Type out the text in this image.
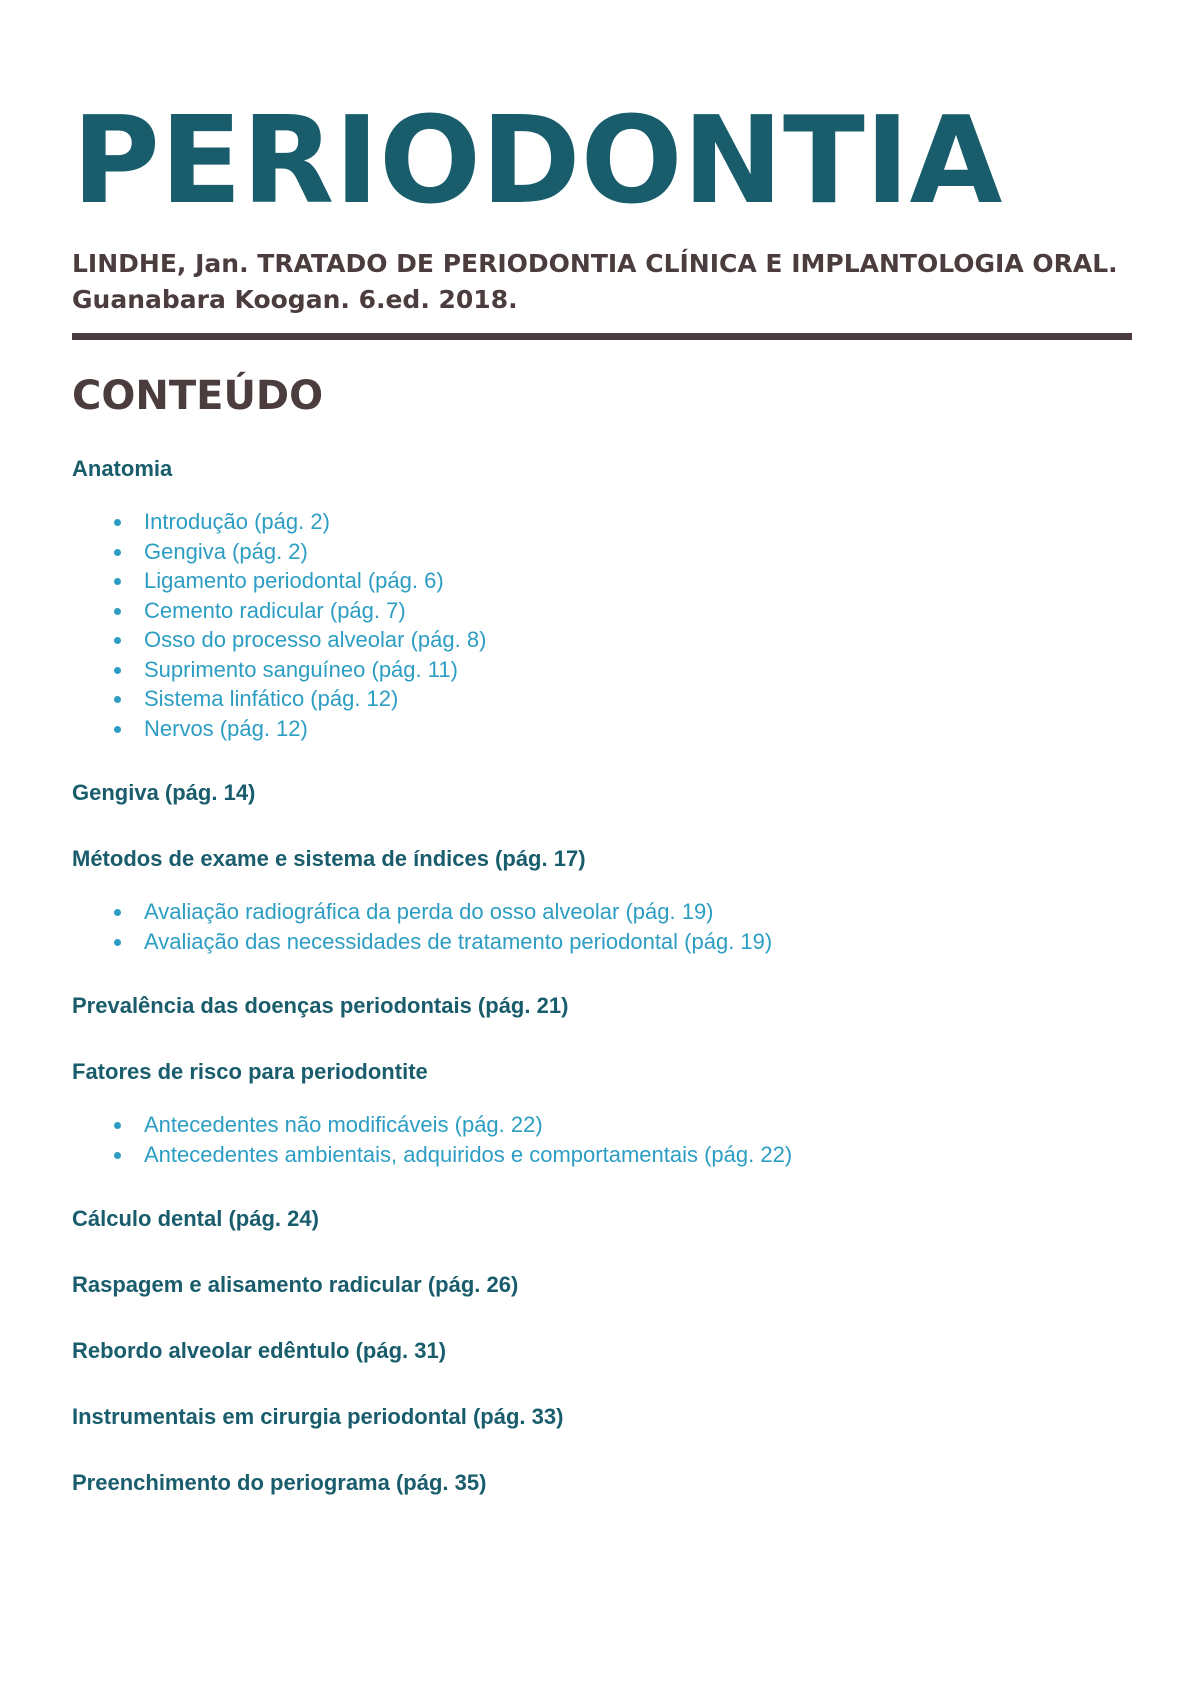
PERIODONTIA

LINDHE, Jan. TRATADO DE PERIODONTIA CLÍNICA E IMPLANTOLOGIA ORAL. Guanabara Koogan. 6.ed. 2018.

CONTEÚDO
Anatomia
Introdução (pág. 2)
Gengiva (pág. 2)
Ligamento periodontal (pág. 6)
Cemento radicular (pág. 7)
Osso do processo alveolar (pág. 8)
Suprimento sanguíneo (pág. 11)
Sistema linfático (pág. 12)
Nervos (pág. 12)
Gengiva (pág. 14)
Métodos de exame e sistema de índices (pág. 17)
Avaliação radiográfica da perda do osso alveolar (pág. 19)
Avaliação das necessidades de tratamento periodontal (pág. 19)
Prevalência das doenças periodontais (pág. 21)
Fatores de risco para periodontite
Antecedentes não modificáveis (pág. 22)
Antecedentes ambientais, adquiridos e comportamentais (pág. 22)
Cálculo dental (pág. 24)
Raspagem e alisamento radicular (pág. 26)
Rebordo alveolar edêntulo (pág. 31)
Instrumentais em cirurgia periodontal (pág. 33)
Preenchimento do periograma (pág. 35)
